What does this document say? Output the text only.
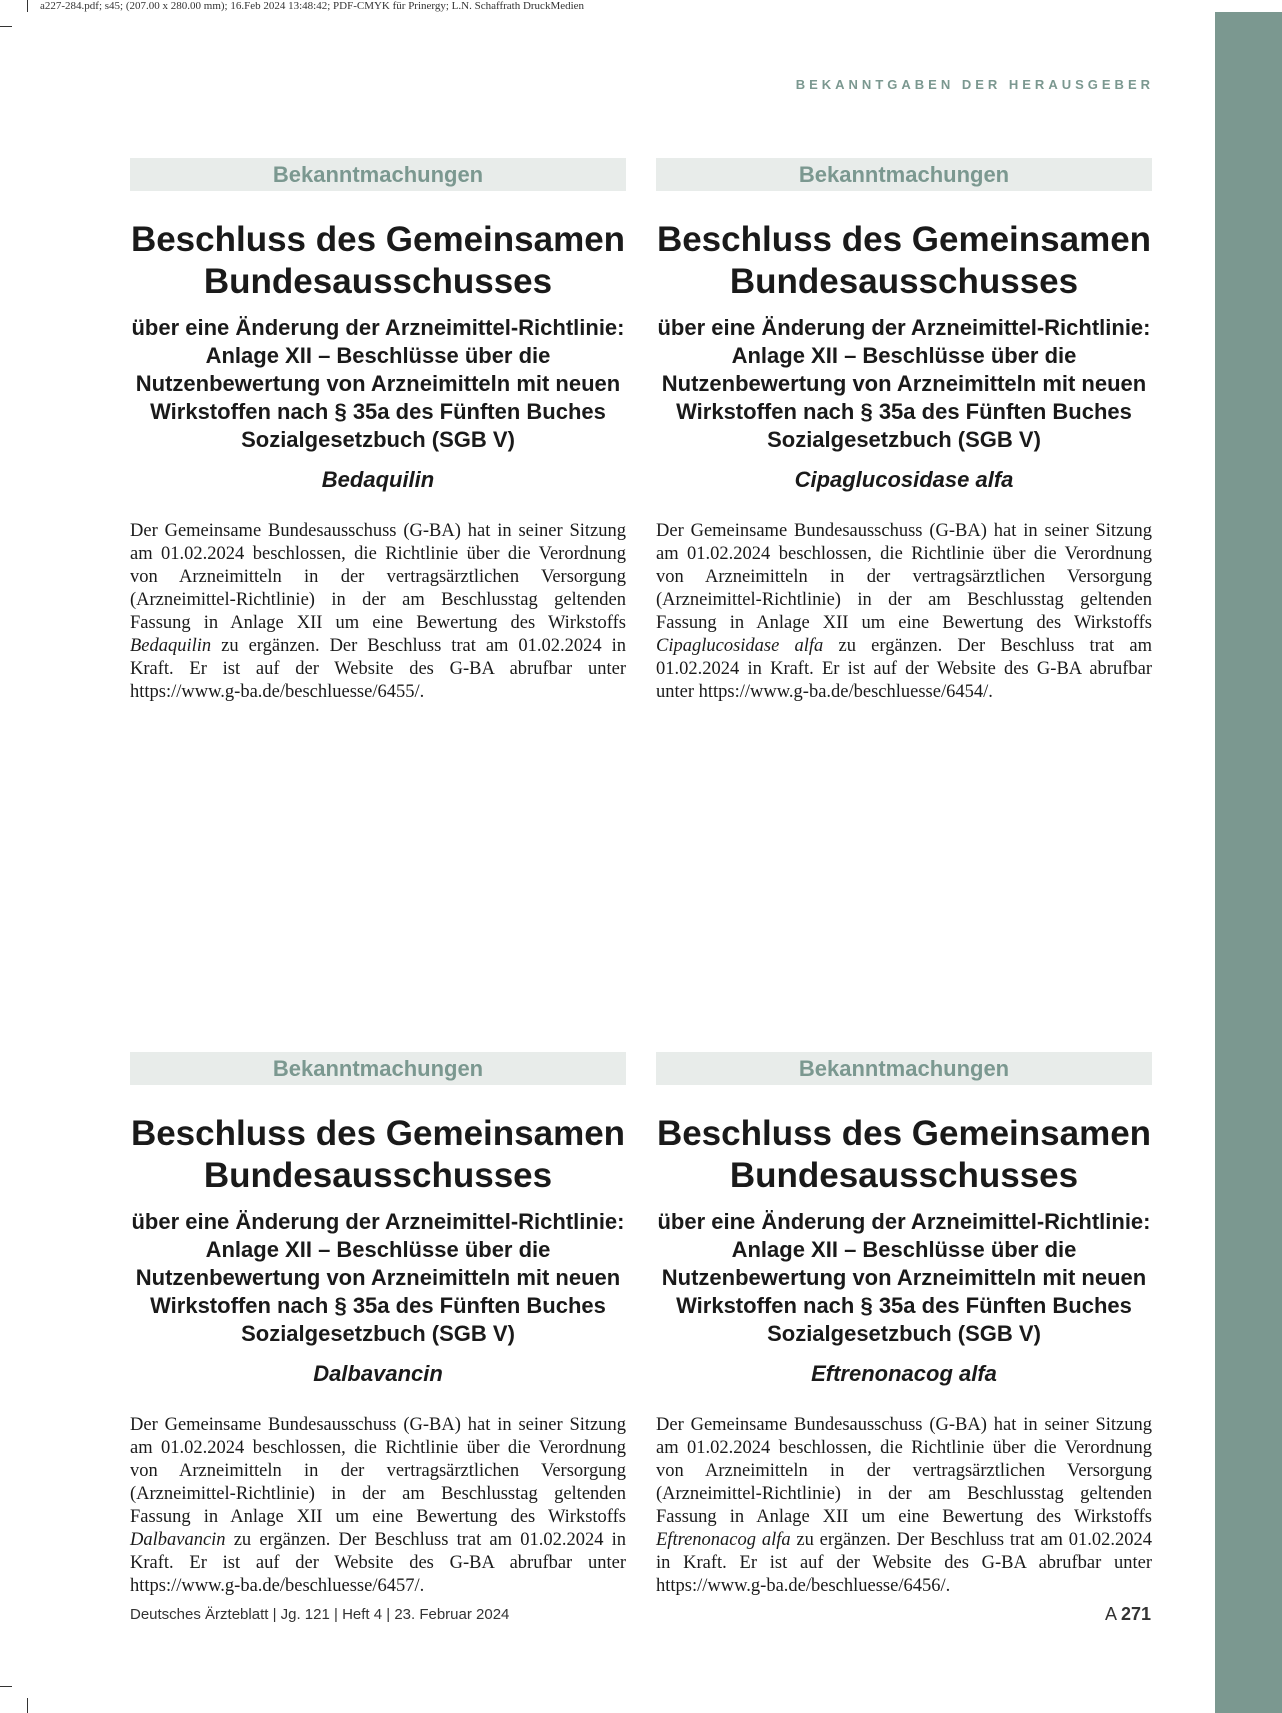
a227-284.pdf; s45; (207.00 x 280.00 mm); 16.Feb 2024 13:48:42; PDF-CMYK für Prinergy; L.N. Schaffrath DruckMedien
BEKANNTGABEN DER HERAUSGEBER
Bekanntmachungen
Beschluss des Gemeinsamen Bundesausschusses
über eine Änderung der Arzneimittel-Richtlinie: Anlage XII – Beschlüsse über die Nutzenbewertung von Arzneimitteln mit neuen Wirkstoffen nach § 35a des Fünften Buches Sozialgesetzbuch (SGB V)
Bedaquilin
Der Gemeinsame Bundesausschuss (G-BA) hat in seiner Sitzung am 01.02.2024 beschlossen, die Richtlinie über die Verordnung von Arzneimitteln in der vertragsärztlichen Versorgung (Arzneimittel-Richtlinie) in der am Beschlusstag geltenden Fassung in Anlage XII um eine Bewertung des Wirkstoffs Bedaquilin zu ergänzen. Der Beschluss trat am 01.02.2024 in Kraft. Er ist auf der Website des G-BA abrufbar unter https://www.g-ba.de/beschluesse/6455/.
Bekanntmachungen
Beschluss des Gemeinsamen Bundesausschusses
über eine Änderung der Arzneimittel-Richtlinie: Anlage XII – Beschlüsse über die Nutzenbewertung von Arzneimitteln mit neuen Wirkstoffen nach § 35a des Fünften Buches Sozialgesetzbuch (SGB V)
Cipaglucosidase alfa
Der Gemeinsame Bundesausschuss (G-BA) hat in seiner Sitzung am 01.02.2024 beschlossen, die Richtlinie über die Verordnung von Arzneimitteln in der vertragsärztlichen Versorgung (Arzneimittel-Richtlinie) in der am Beschlusstag geltenden Fassung in Anlage XII um eine Bewertung des Wirkstoffs Cipaglucosidase alfa zu ergänzen. Der Beschluss trat am 01.02.2024 in Kraft. Er ist auf der Website des G-BA abrufbar unter https://www.g-ba.de/beschluesse/6454/.
Bekanntmachungen
Beschluss des Gemeinsamen Bundesausschusses
über eine Änderung der Arzneimittel-Richtlinie: Anlage XII – Beschlüsse über die Nutzenbewertung von Arzneimitteln mit neuen Wirkstoffen nach § 35a des Fünften Buches Sozialgesetzbuch (SGB V)
Dalbavancin
Der Gemeinsame Bundesausschuss (G-BA) hat in seiner Sitzung am 01.02.2024 beschlossen, die Richtlinie über die Verordnung von Arzneimitteln in der vertragsärztlichen Versorgung (Arzneimittel-Richtlinie) in der am Beschlusstag geltenden Fassung in Anlage XII um eine Bewertung des Wirkstoffs Dalbavancin zu ergänzen. Der Beschluss trat am 01.02.2024 in Kraft. Er ist auf der Website des G-BA abrufbar unter https://www.g-ba.de/beschluesse/6457/.
Bekanntmachungen
Beschluss des Gemeinsamen Bundesausschusses
über eine Änderung der Arzneimittel-Richtlinie: Anlage XII – Beschlüsse über die Nutzenbewertung von Arzneimitteln mit neuen Wirkstoffen nach § 35a des Fünften Buches Sozialgesetzbuch (SGB V)
Eftrenonacog alfa
Der Gemeinsame Bundesausschuss (G-BA) hat in seiner Sitzung am 01.02.2024 beschlossen, die Richtlinie über die Verordnung von Arzneimitteln in der vertragsärztlichen Versorgung (Arzneimittel-Richtlinie) in der am Beschlusstag geltenden Fassung in Anlage XII um eine Bewertung des Wirkstoffs Eftrenonacog alfa zu ergänzen. Der Beschluss trat am 01.02.2024 in Kraft. Er ist auf der Website des G-BA abrufbar unter https://www.g-ba.de/beschluesse/6456/.
Deutsches Ärzteblatt | Jg. 121 | Heft 4 | 23. Februar 2024	A 271
